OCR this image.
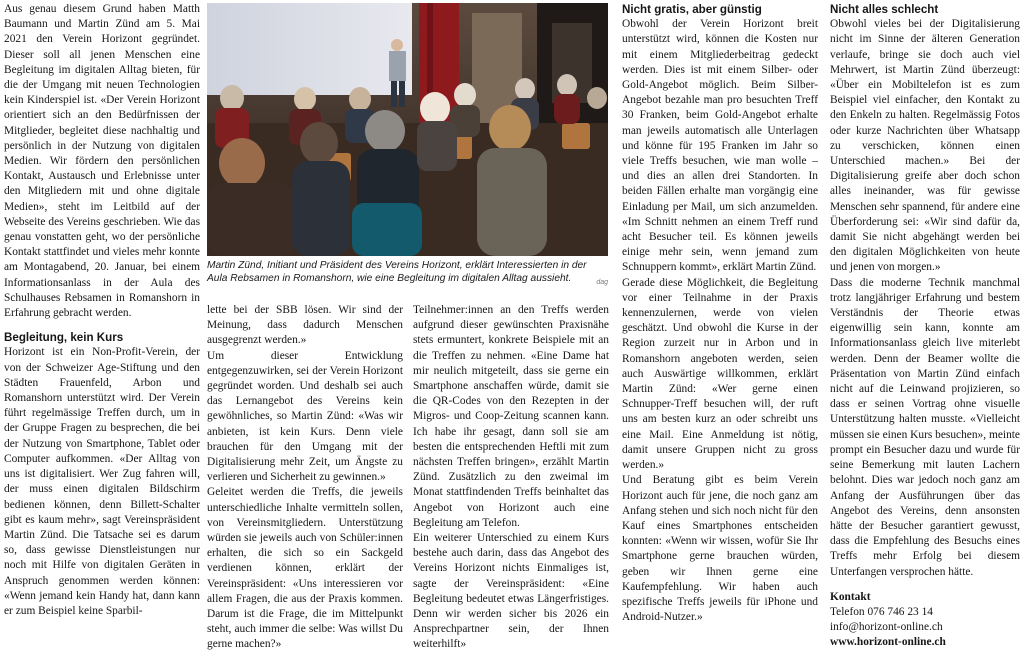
Aus genau diesem Grund haben Matth Baumann und Martin Zünd am 5. Mai 2021 den Verein Horizont gegründet. Dieser soll all jenen Menschen eine Begleitung im digitalen Alltag bieten, für die der Umgang mit neuen Technologien kein Kinderspiel ist. «Der Verein Horizont orientiert sich an den Bedürfnissen der Mitglieder, begleitet diese nachhaltig und persönlich in der Nutzung von digitalen Medien. Wir fördern den persönlichen Kontakt, Austausch und Erlebnisse unter den Mitgliedern mit und ohne digitale Medien», steht im Leitbild auf der Webseite des Vereins geschrieben. Wie das genau vonstatten geht, wo der persönliche Kontakt stattfindet und vieles mehr konnte am Montagabend, 20. Januar, bei einem Informationsanlass in der Aula des Schulhauses Rebsamen in Romanshorn in Erfahrung gebracht werden.

Begleitung, kein Kurs

Horizont ist ein Non-Profit-Verein, der von der Schweizer Age-Stiftung und den Städten Frauenfeld, Arbon und Romanshorn unterstützt wird. Der Verein führt regelmässige Treffen durch, um in der Gruppe Fragen zu besprechen, die bei der Nutzung von Smartphone, Tablet oder Computer aufkommen. «Der Alltag von uns ist digitalisiert. Wer Zug fahren will, der muss einen digitalen Bildschirm bedienen können, denn Billett-Schalter gibt es kaum mehr», sagt Vereinspräsident Martin Zünd. Die Tatsache sei es darum so, dass gewisse Dienstleistungen nur noch mit Hilfe von digitalen Geräten in Anspruch genommen werden können: «Wenn jemand kein Handy hat, dann kann er zum Beispiel keine Sparbil-

Martin Zünd, Initiant und Präsident des Vereins Horizont, erklärt Interessierten in der Aula Rebsamen in Romanshorn, wie eine Begleitung im digitalen Alltag aussieht.	dag

lette bei der SBB lösen. Wir sind der Meinung, dass dadurch Menschen ausgegrenzt werden.»

Um dieser Entwicklung entgegenzuwirken, sei der Verein Horizont gegründet worden. Und deshalb sei auch das Lernangebot des Vereins kein gewöhnliches, so Martin Zünd: «Was wir anbieten, ist kein Kurs. Denn viele brauchen für den Umgang mit der Digitalisierung mehr Zeit, um Ängste zu verlieren und Sicherheit zu gewinnen.»

Geleitet werden die Treffs, die jeweils unterschiedliche Inhalte vermitteln sollen, von Vereinsmitgliedern. Unterstützung würden sie jeweils auch von Schüler:innen erhalten, die sich so ein Sackgeld verdienen können, erklärt der Vereinspräsident: «Uns interessieren vor allem Fragen, die aus der Praxis kommen. Darum ist die Frage, die im Mittelpunkt steht, auch immer die selbe: Was willst Du gerne machen?»

Teilnehmer:innen an den Treffs werden aufgrund dieser gewünschten Praxisnähe stets ermuntert, konkrete Beispiele mit an die Treffen zu nehmen. «Eine Dame hat mir neulich mitgeteilt, dass sie gerne ein Smartphone anschaffen würde, damit sie die QR-Codes von den Rezepten in der Migros- und Coop-Zeitung scannen kann. Ich habe ihr gesagt, dann soll sie am besten die entsprechenden Heftli mit zum nächsten Treffen bringen», erzählt Martin Zünd. Zusätzlich zu den zweimal im Monat stattfindenden Treffs beinhaltet das Angebot von Horizont auch eine Begleitung am Telefon.

Ein weiterer Unterschied zu einem Kurs bestehe auch darin, dass das Angebot des Vereins Horizont nichts Einmaliges ist, sagte der Vereinspräsident: «Eine Begleitung bedeutet etwas Längerfristiges. Denn wir werden sicher bis 2026 ein Ansprechpartner sein, der Ihnen weiterhilft»

Nicht gratis, aber günstig

Obwohl der Verein Horizont breit unterstützt wird, können die Kosten nur mit einem Mitgliederbeitrag gedeckt werden. Dies ist mit einem Silber- oder Gold-Angebot möglich. Beim Silber-Angebot bezahle man pro besuchten Treff 30 Franken, beim Gold-Angebot erhalte man jeweils automatisch alle Unterlagen und könne für 195 Franken im Jahr so viele Treffs besuchen, wie man wolle – und dies an allen drei Standorten. In beiden Fällen erhalte man vorgängig eine Einladung per Mail, um sich anzumelden. «Im Schnitt nehmen an einem Treff rund acht Besucher teil. Es können jeweils einige mehr sein, wenn jemand zum Schnuppern kommt», erklärt Martin Zünd.

Gerade diese Möglichkeit, die Begleitung vor einer Teilnahme in der Praxis kennenzulernen, werde von vielen geschätzt. Und obwohl die Kurse in der Region zurzeit nur in Arbon und in Romanshorn angeboten werden, seien auch Auswärtige willkommen, erklärt Martin Zünd: «Wer gerne einen Schnupper-Treff besuchen will, der ruft uns am besten kurz an oder schreibt uns eine Mail. Eine Anmeldung ist nötig, damit unsere Gruppen nicht zu gross werden.»

Und Beratung gibt es beim Verein Horizont auch für jene, die noch ganz am Anfang stehen und sich noch nicht für den Kauf eines Smartphones entscheiden konnten: «Wenn wir wissen, wofür Sie Ihr Smartphone gerne brauchen würden, geben wir Ihnen gerne eine Kaufempfehlung. Wir haben auch spezifische Treffs jeweils für iPhone und Android-Nutzer.»

Nicht alles schlecht

Obwohl vieles bei der Digitalisierung nicht im Sinne der älteren Generation verlaufe, bringe sie doch auch viel Mehrwert, ist Martin Zünd überzeugt: «Über ein Mobiltelefon ist es zum Beispiel viel einfacher, den Kontakt zu den Enkeln zu halten. Regelmässig Fotos oder kurze Nachrichten über Whatsapp zu verschicken, können einen Unterschied machen.» Bei der Digitalisierung greife aber doch schon alles ineinander, was für gewisse Menschen sehr spannend, für andere eine Überforderung sei: «Wir sind dafür da, damit Sie nicht abgehängt werden bei den digitalen Möglichkeiten von heute und jenen von morgen.»

Dass die moderne Technik manchmal trotz langjähriger Erfahrung und bestem Verständnis der Theorie etwas eigenwillig sein kann, konnte am Informationsanlass gleich live miterlebt werden. Denn der Beamer wollte die Präsentation von Martin Zünd einfach nicht auf die Leinwand projizieren, so dass er seinen Vortrag ohne visuelle Unterstützung halten musste. «Vielleicht müssen sie einen Kurs besuchen», meinte prompt ein Besucher dazu und wurde für seine Bemerkung mit lauten Lachern belohnt. Dies war jedoch noch ganz am Anfang der Ausführungen über das Angebot des Vereins, denn ansonsten hätte der Besucher garantiert gewusst, dass die Empfehlung des Besuchs eines Treffs mehr Erfolg bei diesem Unterfangen versprochen hätte.

Kontakt
Telefon 076 746 23 14
info@horizont-online.ch
www.horizont-online.ch
